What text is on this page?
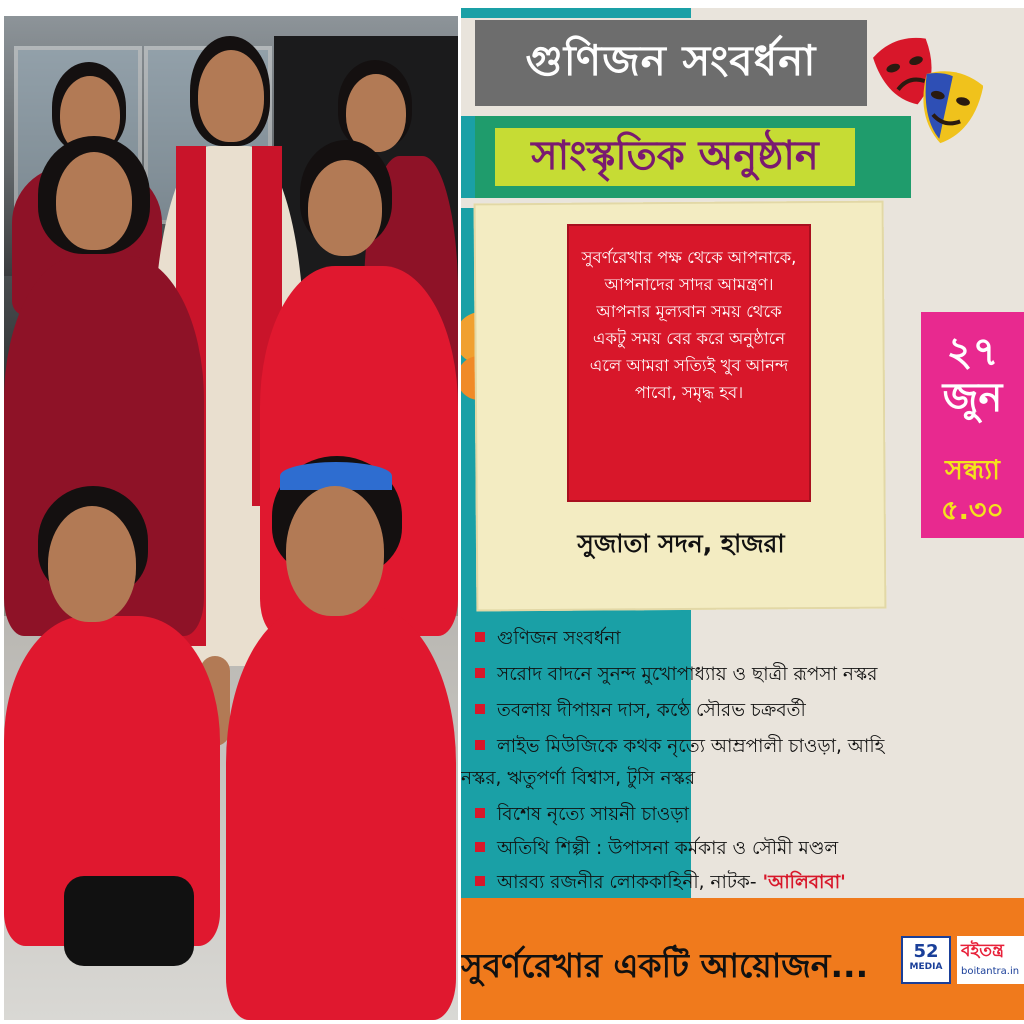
গুণিজন সংবর্ধনা
সাংস্কৃতিক অনুষ্ঠান
সুবর্ণরেখার পক্ষ থেকে আপনাকে, আপনাদের সাদর আমন্ত্রণ। আপনার মূল্যবান সময় থেকে একটু সময় বের করে অনুষ্ঠানে এলে আমরা সত্যিই খুব আনন্দ পাবো, সমৃদ্ধ হব।
সুজাতা সদন, হাজরা
২৭
জুন
সন্ধ্যা
৫.৩০
গুণিজন সংবর্ধনা
সরোদ বাদনে সুনন্দ মুখোপাধ্যায় ও ছাত্রী রূপসা নস্কর
তবলায় দীপায়ন দাস, কণ্ঠে সৌরভ চক্রবর্তী
লাইভ মিউজিকে কথক নৃত্যে আম্রপালী চাওড়া, আহি
নস্কর, ঋতুপর্ণা বিশ্বাস, টুসি নস্কর
বিশেষ নৃত্যে সায়নী চাওড়া
অতিথি শিল্পী : উপাসনা কর্মকার ও সৌমী মণ্ডল
আরব্য রজনীর লোককাহিনী, নাটক- 'আলিবাবা'
সুবর্ণরেখার একটি আয়োজন...	52
MEDIA
বইতন্ত্র
boitantra.in
